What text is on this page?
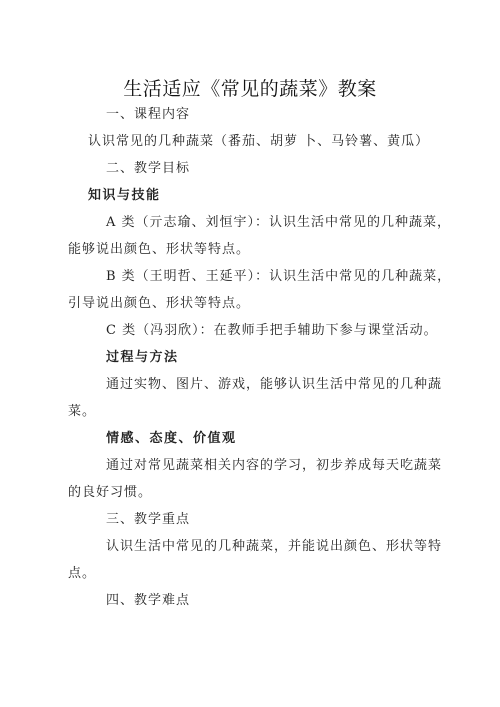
生活适应《常见的蔬菜》教案
一、课程内容
认识常见的几种蔬菜（番茄、胡萝 卜、马铃薯、黄瓜）
二、教学目标
知识与技能
A 类（亓志瑜、刘恒宇）：认识生活中常见的几种蔬菜，
能够说出颜色、形状等特点。
B 类（王明哲、王延平）：认识生活中常见的几种蔬菜，
引导说出颜色、形状等特点。
C 类（冯羽欣）：在教师手把手辅助下参与课堂活动。
过程与方法
通过实物、图片、游戏，能够认识生活中常见的几种蔬
菜。
情感、态度、价值观
通过对常见蔬菜相关内容的学习，初步养成每天吃蔬菜
的良好习惯。
三、教学重点
认识生活中常见的几种蔬菜，并能说出颜色、形状等特
点。
四、教学难点
